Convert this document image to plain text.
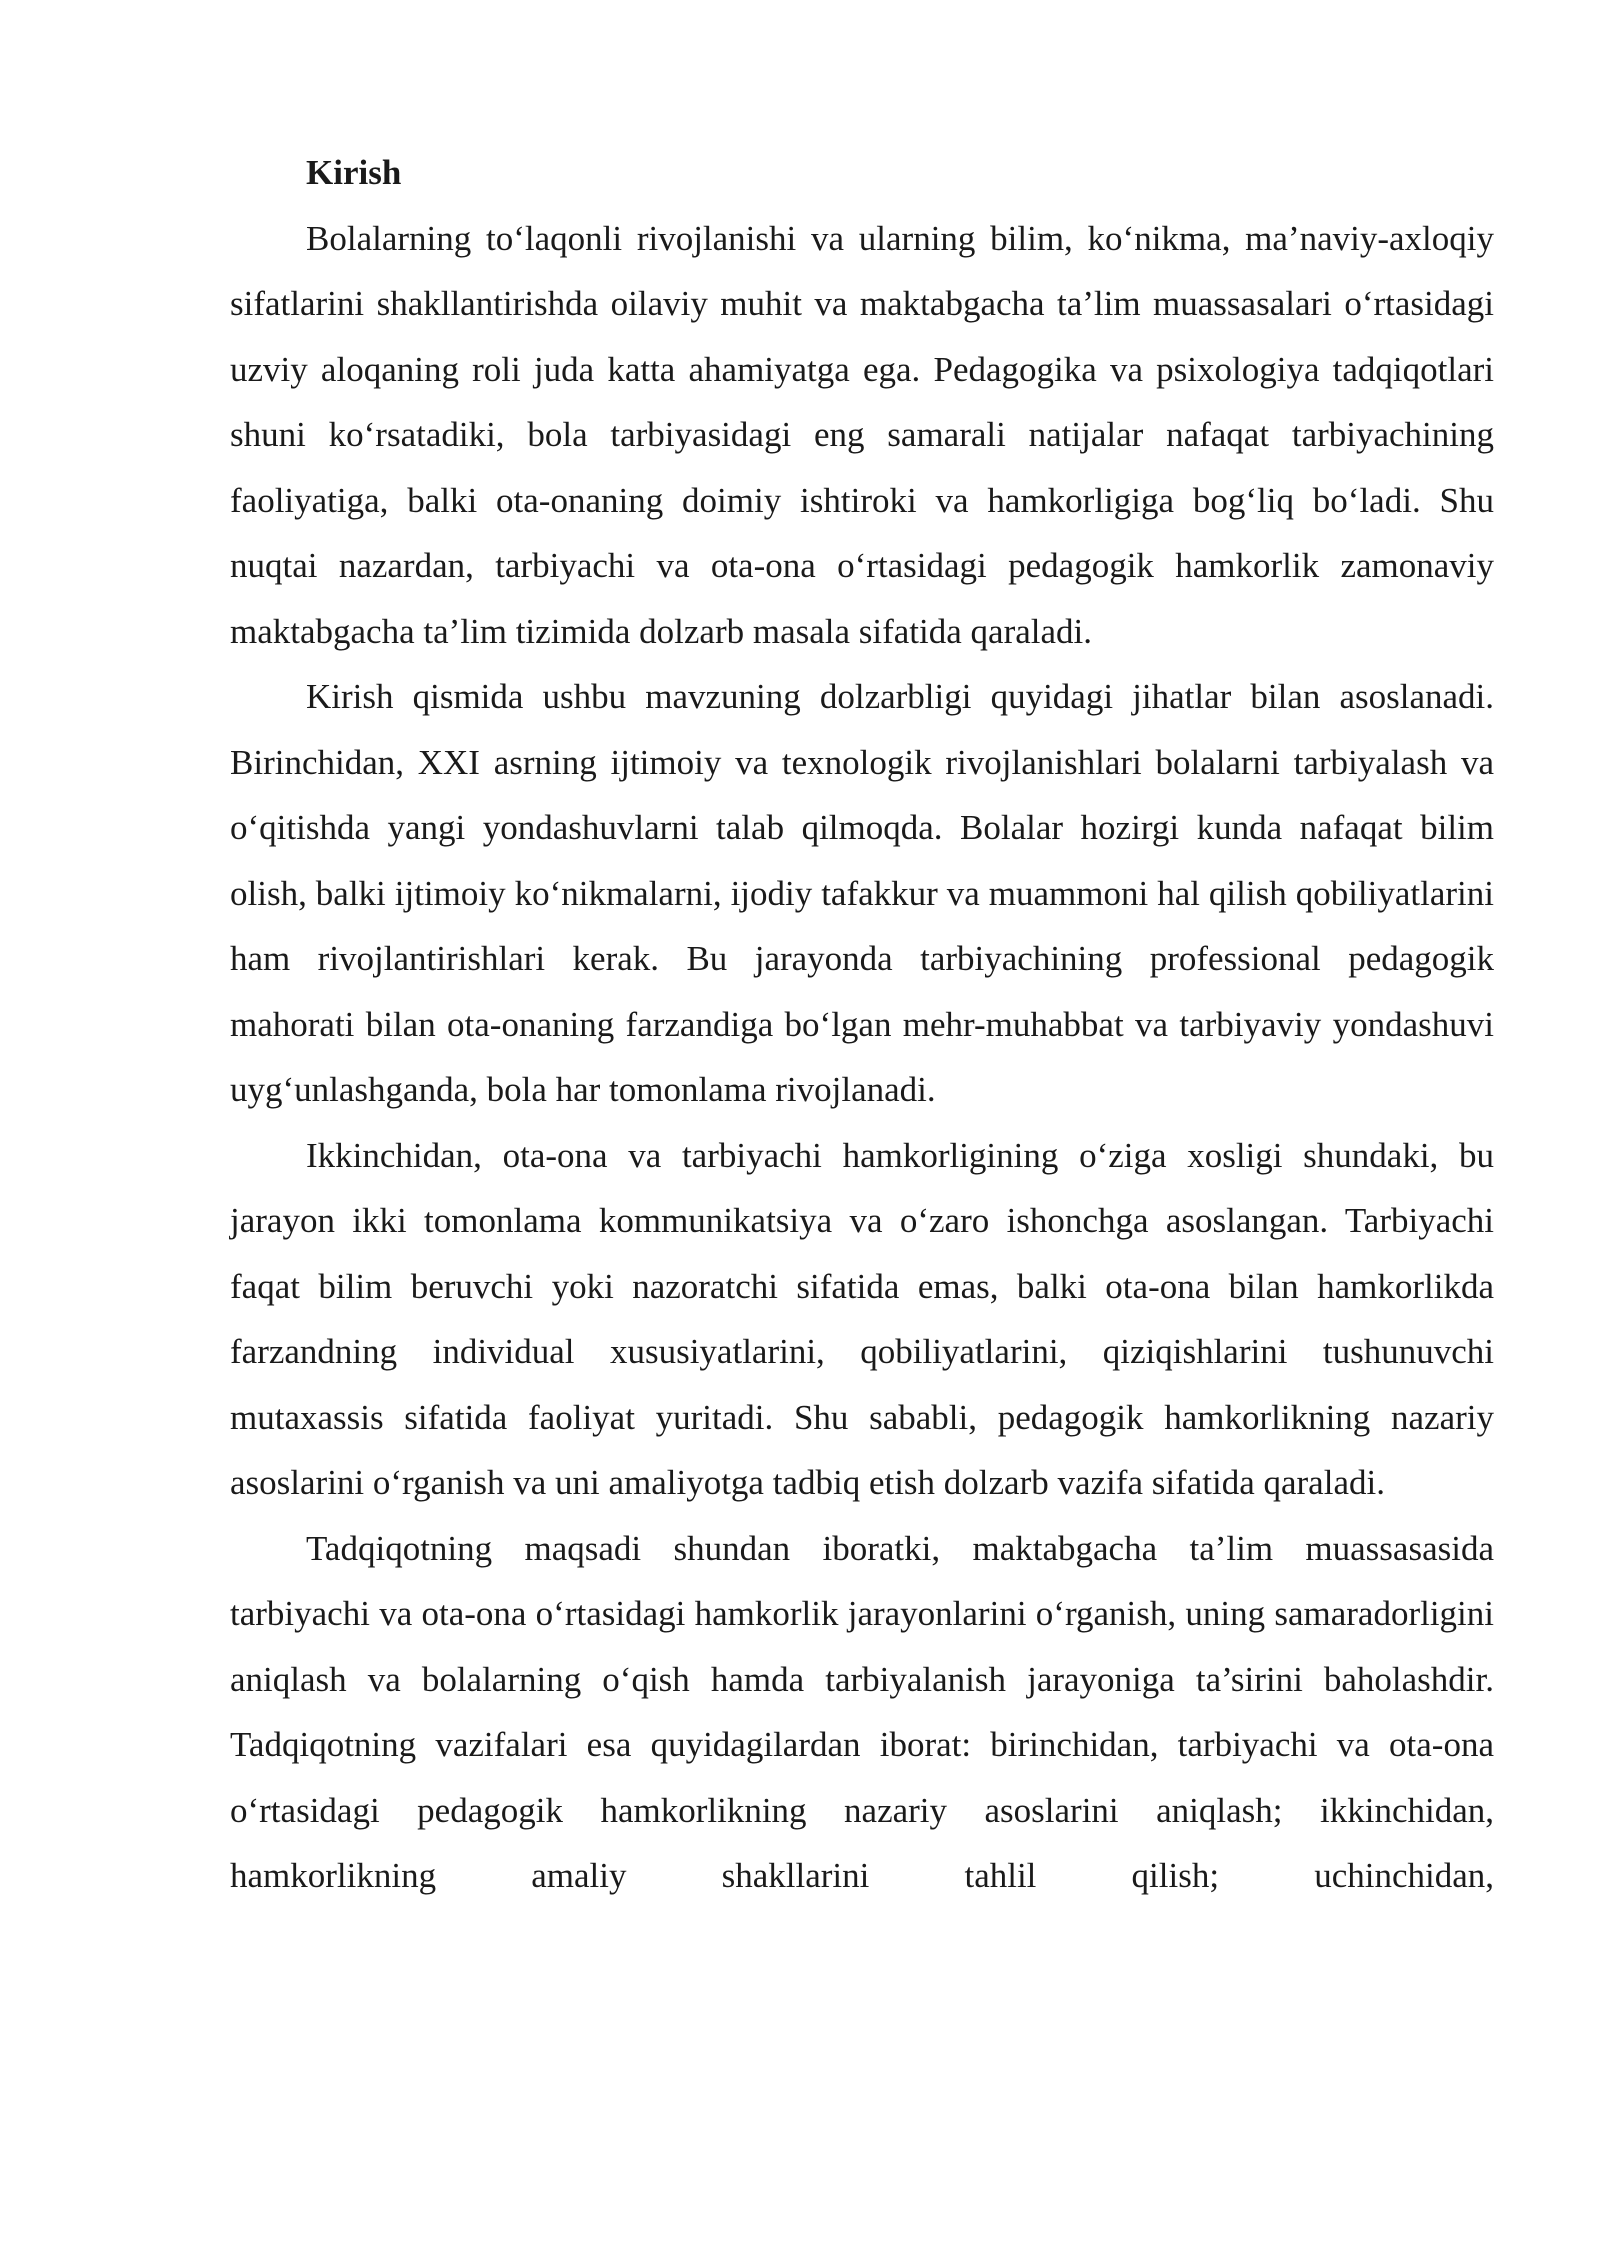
Kirish

Bolalarning to‘laqonli rivojlanishi va ularning bilim, ko‘nikma, ma’naviy-axloqiy sifatlarini shakllantirishda oilaviy muhit va maktabgacha ta’lim muassasalari o‘rtasidagi uzviy aloqaning roli juda katta ahamiyatga ega. Pedagogika va psixologiya tadqiqotlari shuni ko‘rsatadiki, bola tarbiyasidagi eng samarali natijalar nafaqat tarbiyachining faoliyatiga, balki ota-onaning doimiy ishtiroki va hamkorligiga bog‘liq bo‘ladi. Shu nuqtai nazardan, tarbiyachi va ota-ona o‘rtasidagi pedagogik hamkorlik zamonaviy maktabgacha ta’lim tizimida dolzarb masala sifatida qaraladi.

Kirish qismida ushbu mavzuning dolzarbligi quyidagi jihatlar bilan asoslanadi. Birinchidan, XXI asrning ijtimoiy va texnologik rivojlanishlari bolalarni tarbiyalash va o‘qitishda yangi yondashuvlarni talab qilmoqda. Bolalar hozirgi kunda nafaqat bilim olish, balki ijtimoiy ko‘nikmalarni, ijodiy tafakkur va muammoni hal qilish qobiliyatlarini ham rivojlantirishlari kerak. Bu jarayonda tarbiyachining professional pedagogik mahorati bilan ota-onaning farzandiga bo‘lgan mehr-muhabbat va tarbiyaviy yondashuvi uyg‘unlashganda, bola har tomonlama rivojlanadi.

Ikkinchidan, ota-ona va tarbiyachi hamkorligining o‘ziga xosligi shundaki, bu jarayon ikki tomonlama kommunikatsiya va o‘zaro ishonchga asoslangan. Tarbiyachi faqat bilim beruvchi yoki nazoratchi sifatida emas, balki ota-ona bilan hamkorlikda farzandning individual xususiyatlarini, qobiliyatlarini, qiziqishlarini tushunuvchi mutaxassis sifatida faoliyat yuritadi. Shu sababli, pedagogik hamkorlikning nazariy asoslarini o‘rganish va uni amaliyotga tadbiq etish dolzarb vazifa sifatida qaraladi.

Tadqiqotning maqsadi shundan iboratki, maktabgacha ta’lim muassasasida tarbiyachi va ota-ona o‘rtasidagi hamkorlik jarayonlarini o‘rganish, uning samaradorligini aniqlash va bolalarning o‘qish hamda tarbiyalanish jarayoniga ta’sirini baholashdir. Tadqiqotning vazifalari esa quyidagilardan iborat: birinchidan, tarbiyachi va ota-ona o‘rtasidagi pedagogik hamkorlikning nazariy asoslarini aniqlash; ikkinchidan, hamkorlikning amaliy shakllarini tahlil qilish; uchinchidan,
